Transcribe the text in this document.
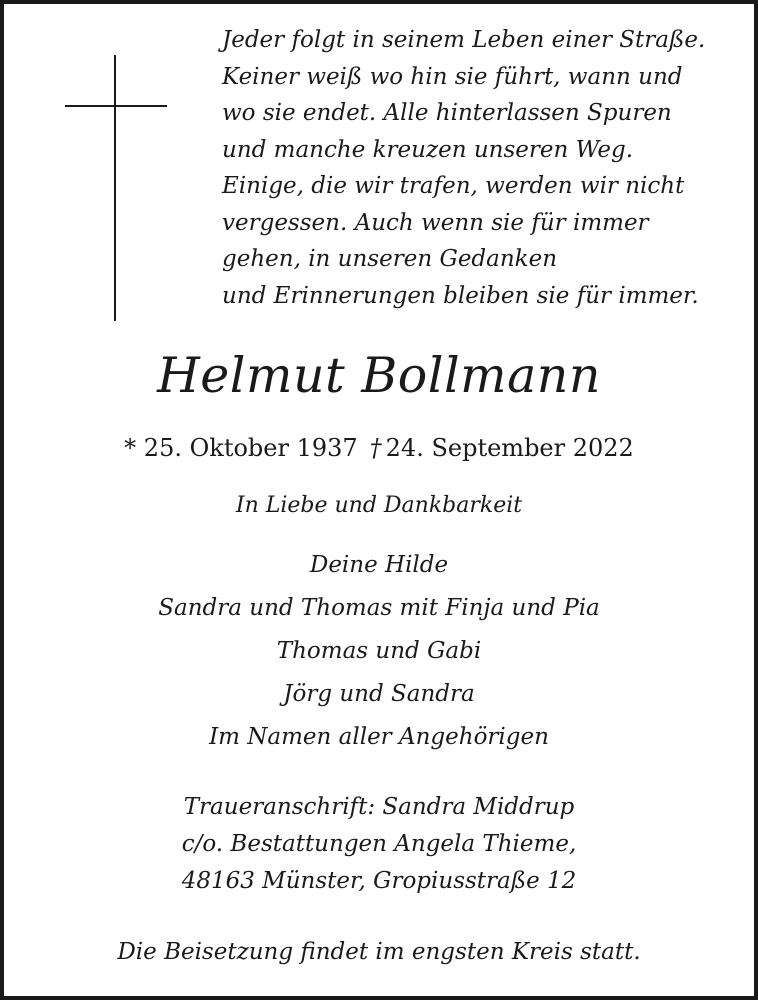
Jeder folgt in seinem Leben einer Straße.
Keiner weiß wo hin sie führt, wann und
wo sie endet. Alle hinterlassen Spuren
und manche kreuzen unseren Weg.
Einige, die wir trafen, werden wir nicht
vergessen. Auch wenn sie für immer
gehen, in unseren Gedanken
und Erinnerungen bleiben sie für immer.
Helmut Bollmann
* 25. Oktober 1937 † 24. September 2022
In Liebe und Dankbarkeit
Deine Hilde
Sandra und Thomas mit Finja und Pia
Thomas und Gabi
Jörg und Sandra
Im Namen aller Angehörigen
Traueranschrift: Sandra Middrup
c/o. Bestattungen Angela Thieme,
48163 Münster, Gropiusstraße 12
Die Beisetzung findet im engsten Kreis statt.
